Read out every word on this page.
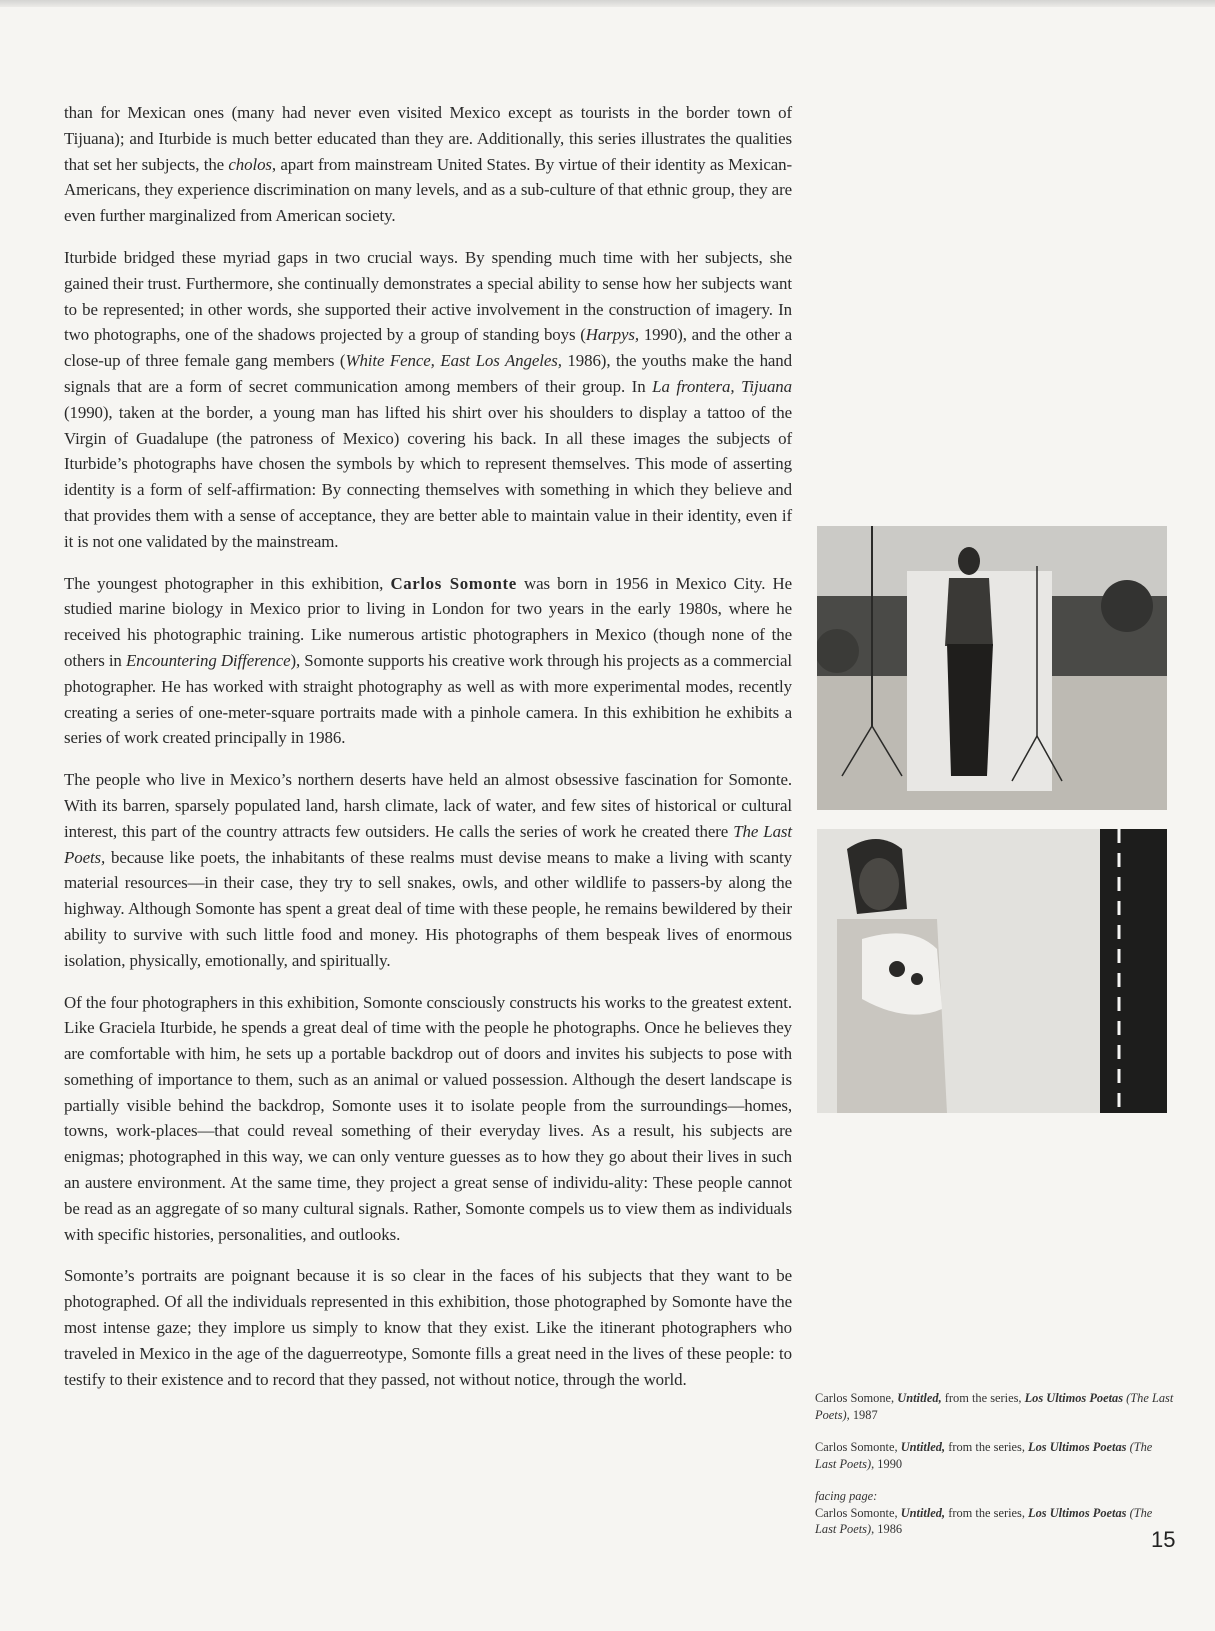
than for Mexican ones (many had never even visited Mexico except as tourists in the border town of Tijuana); and Iturbide is much better educated than they are. Additionally, this series illustrates the qualities that set her subjects, the cholos, apart from mainstream United States. By virtue of their identity as Mexican-Americans, they experience discrimination on many levels, and as a sub-culture of that ethnic group, they are even further marginalized from American society.

Iturbide bridged these myriad gaps in two crucial ways. By spending much time with her subjects, she gained their trust. Furthermore, she continually demonstrates a special ability to sense how her subjects want to be represented; in other words, she supported their active involvement in the construction of imagery. In two photographs, one of the shadows projected by a group of standing boys (Harpys, 1990), and the other a close-up of three female gang members (White Fence, East Los Angeles, 1986), the youths make the hand signals that are a form of secret communication among members of their group. In La frontera, Tijuana (1990), taken at the border, a young man has lifted his shirt over his shoulders to display a tattoo of the Virgin of Guadalupe (the patroness of Mexico) covering his back. In all these images the subjects of Iturbide’s photographs have chosen the symbols by which to represent themselves. This mode of asserting identity is a form of self-affirmation: By connecting themselves with something in which they believe and that provides them with a sense of acceptance, they are better able to maintain value in their identity, even if it is not one validated by the mainstream.

The youngest photographer in this exhibition, Carlos Somonte was born in 1956 in Mexico City. He studied marine biology in Mexico prior to living in London for two years in the early 1980s, where he received his photographic training. Like numerous artistic photographers in Mexico (though none of the others in Encountering Difference), Somonte supports his creative work through his projects as a commercial photographer. He has worked with straight photography as well as with more experimental modes, recently creating a series of one-meter-square portraits made with a pinhole camera. In this exhibition he exhibits a series of work created principally in 1986.

The people who live in Mexico’s northern deserts have held an almost obsessive fascination for Somonte. With its barren, sparsely populated land, harsh climate, lack of water, and few sites of historical or cultural interest, this part of the country attracts few outsiders. He calls the series of work he created there The Last Poets, because like poets, the inhabitants of these realms must devise means to make a living with scanty material resources—in their case, they try to sell snakes, owls, and other wildlife to passers-by along the highway. Although Somonte has spent a great deal of time with these people, he remains bewildered by their ability to survive with such little food and money. His photographs of them bespeak lives of enormous isolation, physically, emotionally, and spiritually.

Of the four photographers in this exhibition, Somonte consciously constructs his works to the greatest extent. Like Graciela Iturbide, he spends a great deal of time with the people he photographs. Once he believes they are comfortable with him, he sets up a portable backdrop out of doors and invites his subjects to pose with something of importance to them, such as an animal or valued possession. Although the desert landscape is partially visible behind the backdrop, Somonte uses it to isolate people from the surroundings—homes, towns, work-places—that could reveal something of their everyday lives. As a result, his subjects are enigmas; photographed in this way, we can only venture guesses as to how they go about their lives in such an austere environment. At the same time, they project a great sense of individu-ality: These people cannot be read as an aggregate of so many cultural signals. Rather, Somonte compels us to view them as individuals with specific histories, personalities, and outlooks.

Somonte’s portraits are poignant because it is so clear in the faces of his subjects that they want to be photographed. Of all the individuals represented in this exhibition, those photographed by Somonte have the most intense gaze; they implore us simply to know that they exist. Like the itinerant photographers who traveled in Mexico in the age of the daguerreotype, Somonte fills a great need in the lives of these people: to testify to their existence and to record that they passed, not without notice, through the world.

Carlos Somone, Untitled, from the series, Los Ultimos Poetas (The Last Poets), 1987
Carlos Somonte, Untitled, from the series, Los Ultimos Poetas (The Last Poets), 1990
facing page:
Carlos Somonte, Untitled, from the series, Los Ultimos Poetas (The Last Poets), 1986	15
